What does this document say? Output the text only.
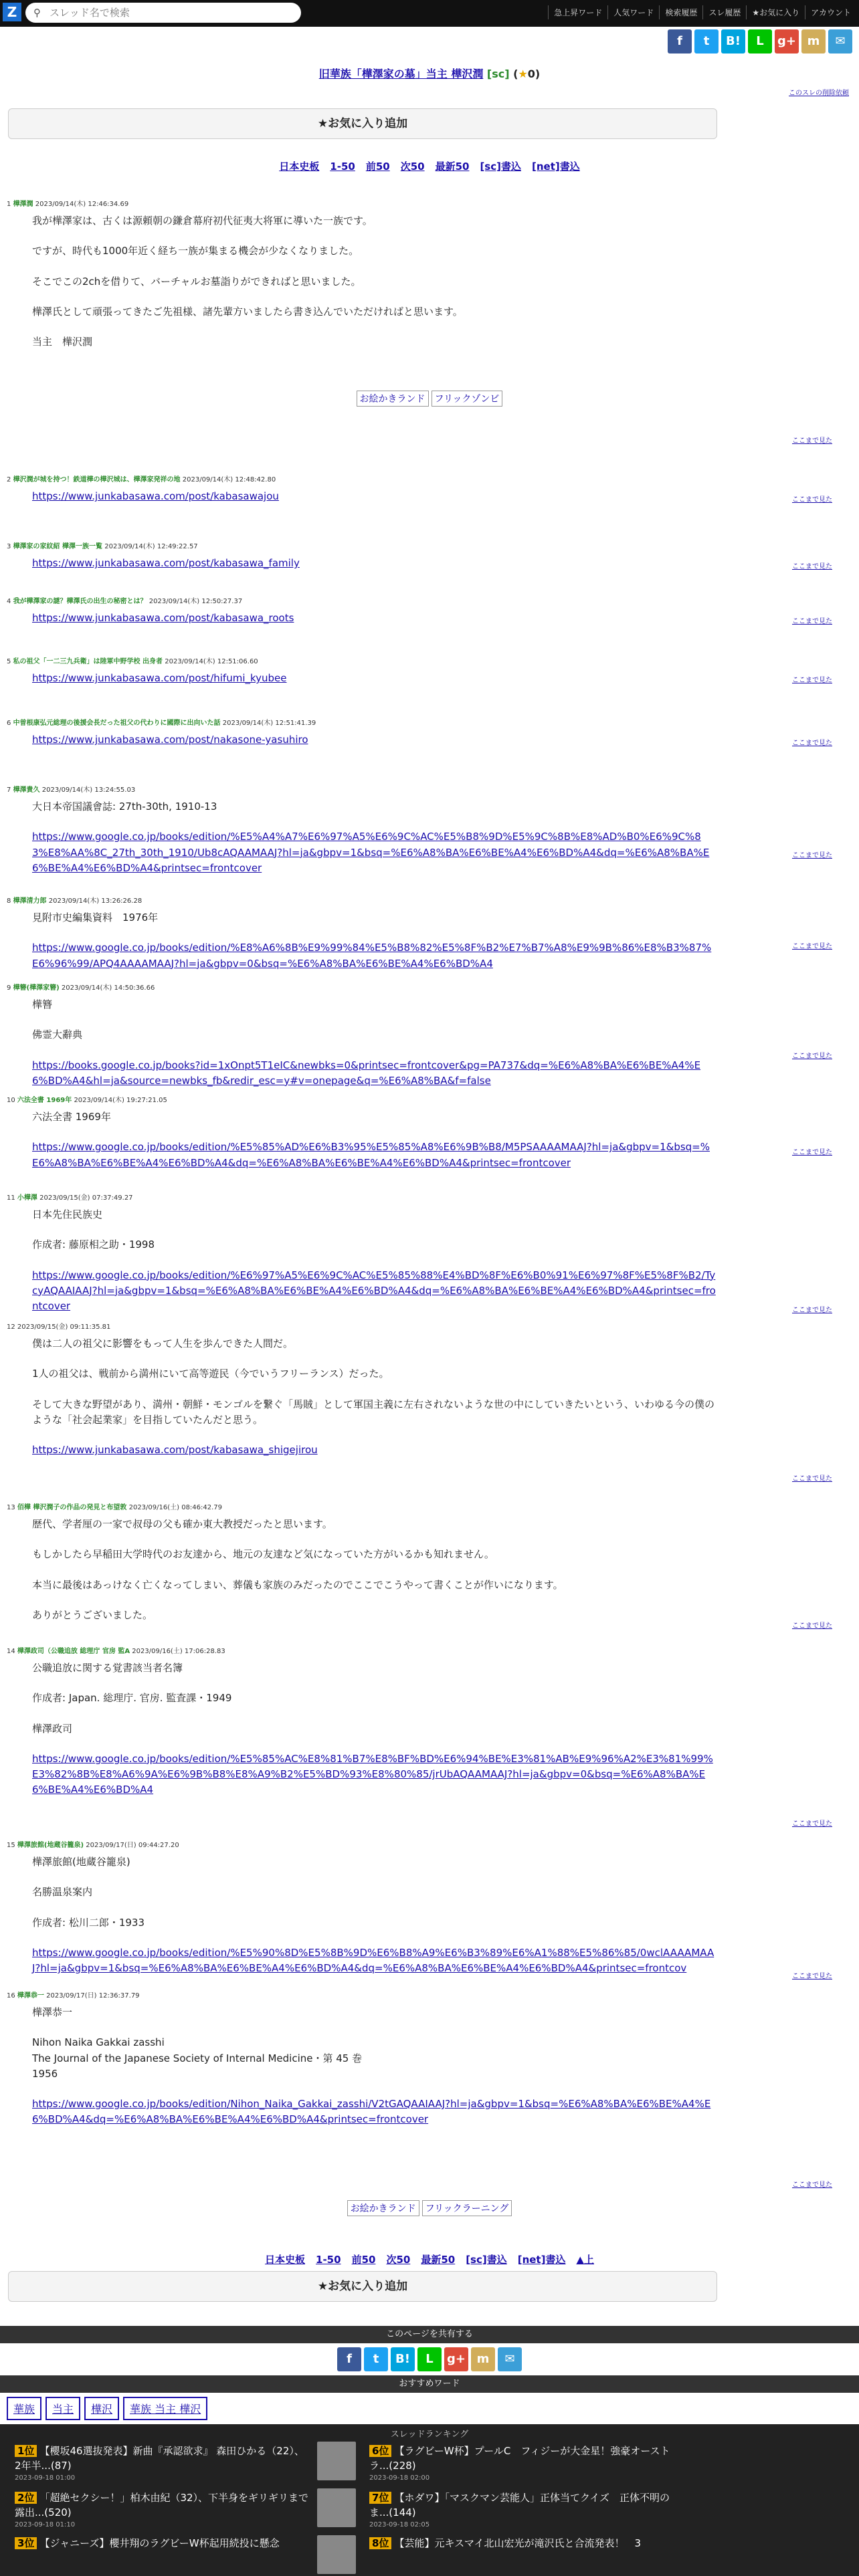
Z	⚲
スレッド名で検索	急上昇ワード	人気ワード	検索履歴	スレ履歴	★お気に入り	アカウント
f	t	B!	L	g+ m	✉
旧華族「樺澤家の墓」当主 樺沢潤 [sc] (★0)
このスレの削除依頼
★お気に入り追加
日本史板 1-50 前50 次50 最新50 [sc]書込 [net]書込
1 樺澤潤 2023/09/14(木) 12:46:34.69

我が樺澤家は、古くは源頼朝の鎌倉幕府初代征夷大将軍に導いた一族です。

ですが、時代も1000年近く経ち一族が集まる機会が少なくなりました。

そこでこの2chを借りて、バーチャルお墓詣りができればと思いました。

樺澤氏として頑張ってきたご先祖様、諸先輩方いましたら書き込んでいただければと思います。

当主　樺沢潤

ここまで見た
2 樺沢潤が城を持つ！鉄道樺の樺沢城は、樺澤家発祥の地 2023/09/14(木) 12:48:42.80
https://www.junkabasawa.com/post/kabasawajou	ここまで見た
3 樺澤家の家紋紹 樺澤一族一覧 2023/09/14(木) 12:49:22.57
https://www.junkabasawa.com/post/kabasawa_family	ここまで見た
4 我が樺澤家の謎？樺澤氏の出生の秘密とは？ 2023/09/14(木) 12:50:27.37
https://www.junkabasawa.com/post/kabasawa_roots	ここまで見た
5 私の祖父「一二三九兵衛」は陸軍中野学校 出身者 2023/09/14(木) 12:51:06.60
https://www.junkabasawa.com/post/hifumi_kyubee	ここまで見た
6 中曽根康弘元総理の後援会長だった祖父の代わりに國際に出向いた話 2023/09/14(木) 12:51:41.39
https://www.junkabasawa.com/post/nakasone-yasuhiro	ここまで見た
7 樺澤貴久 2023/09/14(木) 13:24:55.03

大日本帝国議會誌: 27th-30th, 1910-13

https://www.google.co.jp/books/edition/%E5%A4%A7%E6%97%A5%E6%9C%AC%E5%B8%9D%E5%9C%8B%E8%AD%B0%E6%9C%83%E8%AA%8C_27th_30th_1910/Ub8cAQAAMAAJ?hl=ja&gbpv=1&bsq=%E6%A8%BA%E6%BE%A4%E6%BD%A4&dq=%E6%A8%BA%E6%BE%A4%E6%BD%A4&printsec=frontcover
ここまで見た
8 樺澤清力郎 2023/09/14(木) 13:26:26.28

見附市史編集資料　1976年

https://www.google.co.jp/books/edition/%E8%A6%8B%E9%99%84%E5%B8%82%E5%8F%B2%E7%B7%A8%E9%9B%86%E8%B3%87%E6%96%99/APQ4AAAAMAAJ?hl=ja&gbpv=0&bsq=%E6%A8%BA%E6%BE%A4%E6%BD%A4
ここまで見た
9 樺簪(樺澤家簪) 2023/09/14(木) 14:50:36.66

樺簪

佛霊大辭典

https://books.google.co.jp/books?id=1xOnpt5T1eIC&newbks=0&printsec=frontcover&pg=PA737&dq=%E6%A8%BA%E6%BE%A4%E6%BD%A4&hl=ja&source=newbks_fb&redir_esc=y#v=onepage&q=%E6%A8%BA&f=false
ここまで見た
10 六法全書 1969年 2023/09/14(木) 19:27:21.05

六法全書 1969年

https://www.google.co.jp/books/edition/%E5%85%AD%E6%B3%95%E5%85%A8%E6%9B%B8/M5PSAAAAMAAJ?hl=ja&gbpv=1&bsq=%E6%A8%BA%E6%BE%A4%E6%BD%A4&dq=%E6%A8%BA%E6%BE%A4%E6%BD%A4&printsec=frontcover
ここまで見た
11 小樺澤 2023/09/15(金) 07:37:49.27

日本先住民族史

作成者: 藤原相之助・1998

https://www.google.co.jp/books/edition/%E6%97%A5%E6%9C%AC%E5%85%88%E4%BD%8F%E6%B0%91%E6%97%8F%E5%8F%B2/TycyAQAAIAAJ?hl=ja&gbpv=1&bsq=%E6%A8%BA%E6%BE%A4%E6%BD%A4&dq=%E6%A8%BA%E6%BE%A4%E6%BD%A4&printsec=frontcover	ここまで見た
12 2023/09/15(金) 09:11:35.81

僕は二人の祖父に影響をもって人生を歩んできた人間だ。

1人の祖父は、戦前から満州にいて高等遊民（今でいうフリーランス）だった。

そして大きな野望があり、満州・朝鮮・モンゴルを繋ぐ「馬賊」として軍国主義に左右されないような世の中にしていきたいという、いわゆる今の僕のような「社会起業家」を目指していたんだと思う。

https://www.junkabasawa.com/post/kabasawa_shigejirou
ここまで見た
13 佰樺 樺沢潤子の作品の発見と布望敦 2023/09/16(土) 08:46:42.79

歴代、学者厘の一家で叔母の父も確か東大教授だったと思います。

もしかしたら早稲田大学時代のお友達から、地元の友達など気になっていた方がいるかも知れません。

本当に最後はあっけなく亡くなってしまい、葬儀も家族のみだったのでここでこうやって書くことが作いになります。

ありがとうございました。

ここまで見た
14 樺澤政司（公職追放 総理庁 官房 監A 2023/09/16(土) 17:06:28.83

公職追放に関する覚書該当者名簿

作成者: Japan. 総理庁. 官房. 監査課・1949

樺澤政司

https://www.google.co.jp/books/edition/%E5%85%AC%E8%81%B7%E8%BF%BD%E6%94%BE%E3%81%AB%E9%96%A2%E3%81%99%E3%82%8B%E8%A6%9A%E6%9B%B8%E8%A9%B2%E5%BD%93%E8%80%85/jrUbAQAAMAAJ?hl=ja&gbpv=0&bsq=%E6%A8%BA%E6%BE%A4%E6%BD%A4
ここまで見た
15 樺澤旅館(地蔵谷籠泉) 2023/09/17(日) 09:44:27.20

樺澤旅館(地蔵谷籠泉)

名勝温泉案内

作成者: 松川二郎・1933

https://www.google.co.jp/books/edition/%E5%90%8D%E5%8B%9D%E6%B8%A9%E6%B3%89%E6%A1%88%E5%86%85/0wclAAAAMAAJ?hl=ja&gbpv=1&bsq=%E6%A8%BA%E6%BE%A4%E6%BD%A4&dq=%E6%A8%BA%E6%BE%A4%E6%BD%A4&printsec=frontcov
ここまで見た
16 樺澤恭一 2023/09/17(日) 12:36:37.79

樺澤恭一

Nihon Naika Gakkai zasshi
The Journal of the Japanese Society of Internal Medicine・第 45 巻
1956

https://www.google.co.jp/books/edition/Nihon_Naika_Gakkai_zasshi/V2tGAQAAIAAJ?hl=ja&gbpv=1&bsq=%E6%A8%BA%E6%BE%A4%E6%BD%A4&dq=%E6%A8%BA%E6%BE%A4%E6%BD%A4&printsec=frontcover
ここまで見た
お絵かきランド フリックゾンビ
お絵かきランド フリックラーニング
日本史板 1-50 前50 次50 最新50 [sc]書込 [net]書込 ▲上
★お気に入り追加
このページを共有する
f	t	B!	L	g+ m	✉
おすすめワード
華族	当主	樺沢	華族 当主 樺沢
スレッドランキング
1位 【櫻坂46選抜発表】新曲『承認欲求』 森田ひかる（22）、2年半...(87)
2023-09-18 01:00
6位 【ラグビーW杯】プールC　フィジーが大金星！強豪オーストラ...(228)
2023-09-18 02:00
2位 「超絶セクシー！」柏木由紀（32）、下半身をギリギリまで露出...(520)
2023-09-18 01:10
7位 【ホダワ】「マスクマン芸能人」正体当てクイズ　正体不明のま...(144)
2023-09-18 02:05
3位 【ジャニーズ】櫻井翔のラグビーW杯起用続投に懸念	8位 【芸能】元キスマイ北山宏光が滝沢氏と合流発表！　3
